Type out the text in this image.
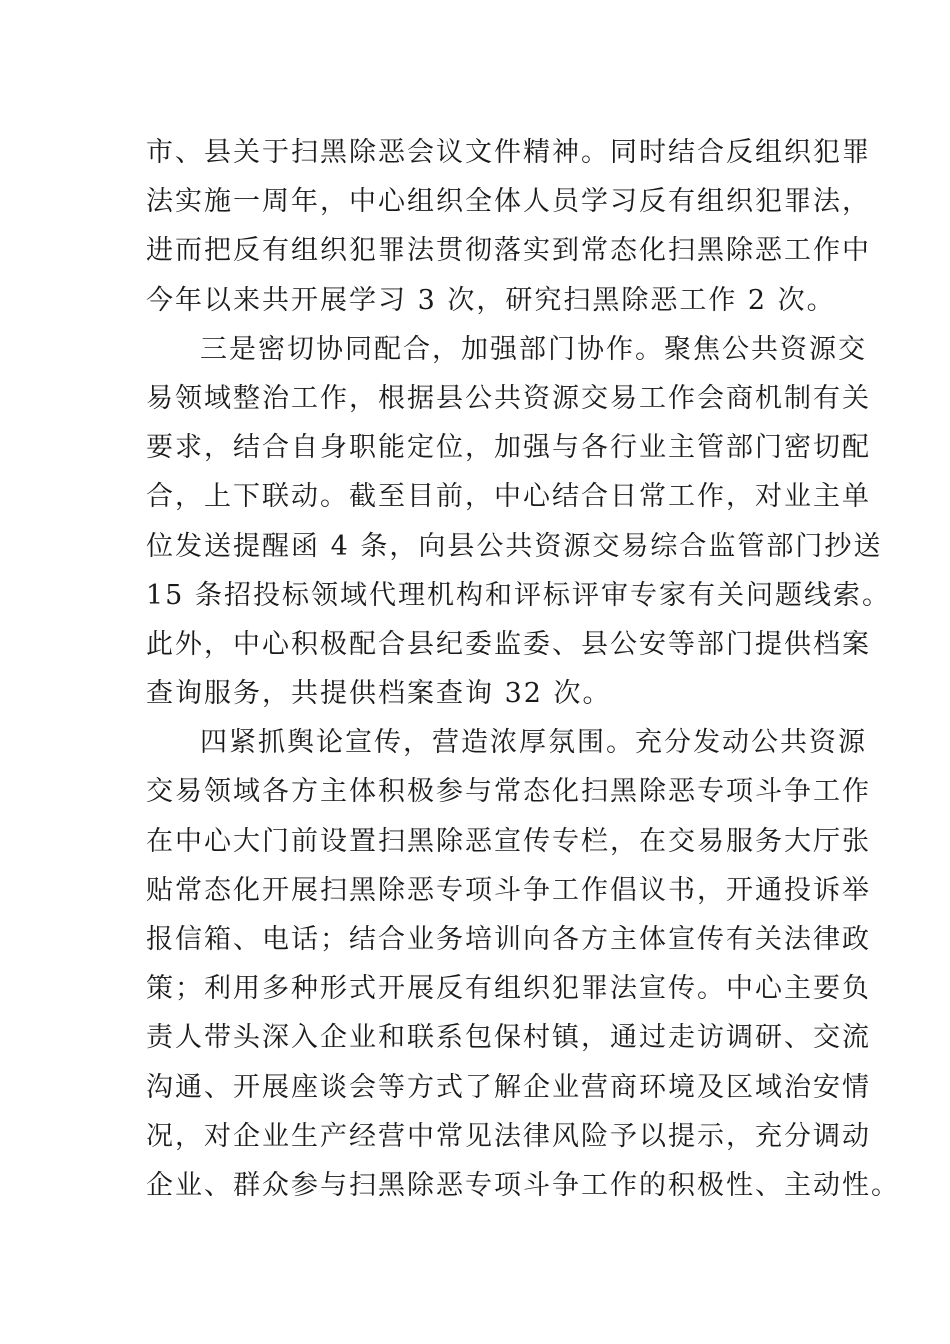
市、县关于扫黑除恶会议文件精神。同时结合反组织犯罪
法实施一周年，中心组织全体人员学习反有组织犯罪法，
进而把反有组织犯罪法贯彻落实到常态化扫黑除恶工作中
今年以来共开展学习 3 次，研究扫黑除恶工作 2 次。
三是密切协同配合，加强部门协作。聚焦公共资源交
易领域整治工作，根据县公共资源交易工作会商机制有关
要求，结合自身职能定位，加强与各行业主管部门密切配
合，上下联动。截至目前，中心结合日常工作，对业主单
位发送提醒函 4 条，向县公共资源交易综合监管部门抄送
15 条招投标领域代理机构和评标评审专家有关问题线索。
此外，中心积极配合县纪委监委、县公安等部门提供档案
查询服务，共提供档案查询 32 次。
四紧抓舆论宣传，营造浓厚氛围。充分发动公共资源
交易领域各方主体积极参与常态化扫黑除恶专项斗争工作
在中心大门前设置扫黑除恶宣传专栏，在交易服务大厅张
贴常态化开展扫黑除恶专项斗争工作倡议书，开通投诉举
报信箱、电话；结合业务培训向各方主体宣传有关法律政
策；利用多种形式开展反有组织犯罪法宣传。中心主要负
责人带头深入企业和联系包保村镇，通过走访调研、交流
沟通、开展座谈会等方式了解企业营商环境及区域治安情
况，对企业生产经营中常见法律风险予以提示，充分调动
企业、群众参与扫黑除恶专项斗争工作的积极性、主动性。
